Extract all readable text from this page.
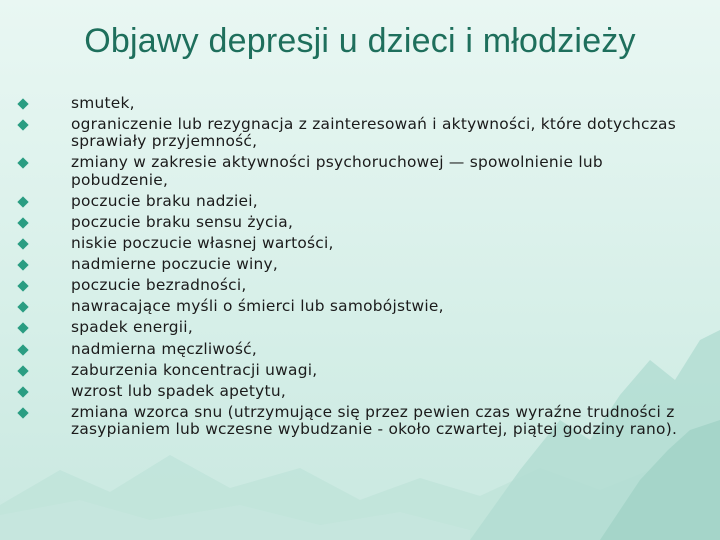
Objawy depresji u dzieci i młodzieży
smutek,
ograniczenie lub rezygnacja z zainteresowań i aktywności, które dotychczas sprawiały przyjemność,
zmiany w zakresie aktywności psychoruchowej — spowolnienie lub pobudzenie,
poczucie braku nadziei,
poczucie braku sensu życia,
niskie poczucie własnej wartości,
nadmierne poczucie winy,
poczucie bezradności,
nawracające myśli o śmierci lub samobójstwie,
spadek energii,
nadmierna męczliwość,
zaburzenia koncentracji uwagi,
wzrost lub spadek apetytu,
zmiana wzorca snu (utrzymujące się przez pewien czas wyraźne trudności z zasypianiem lub wczesne wybudzanie - około czwartej, piątej godziny rano).
